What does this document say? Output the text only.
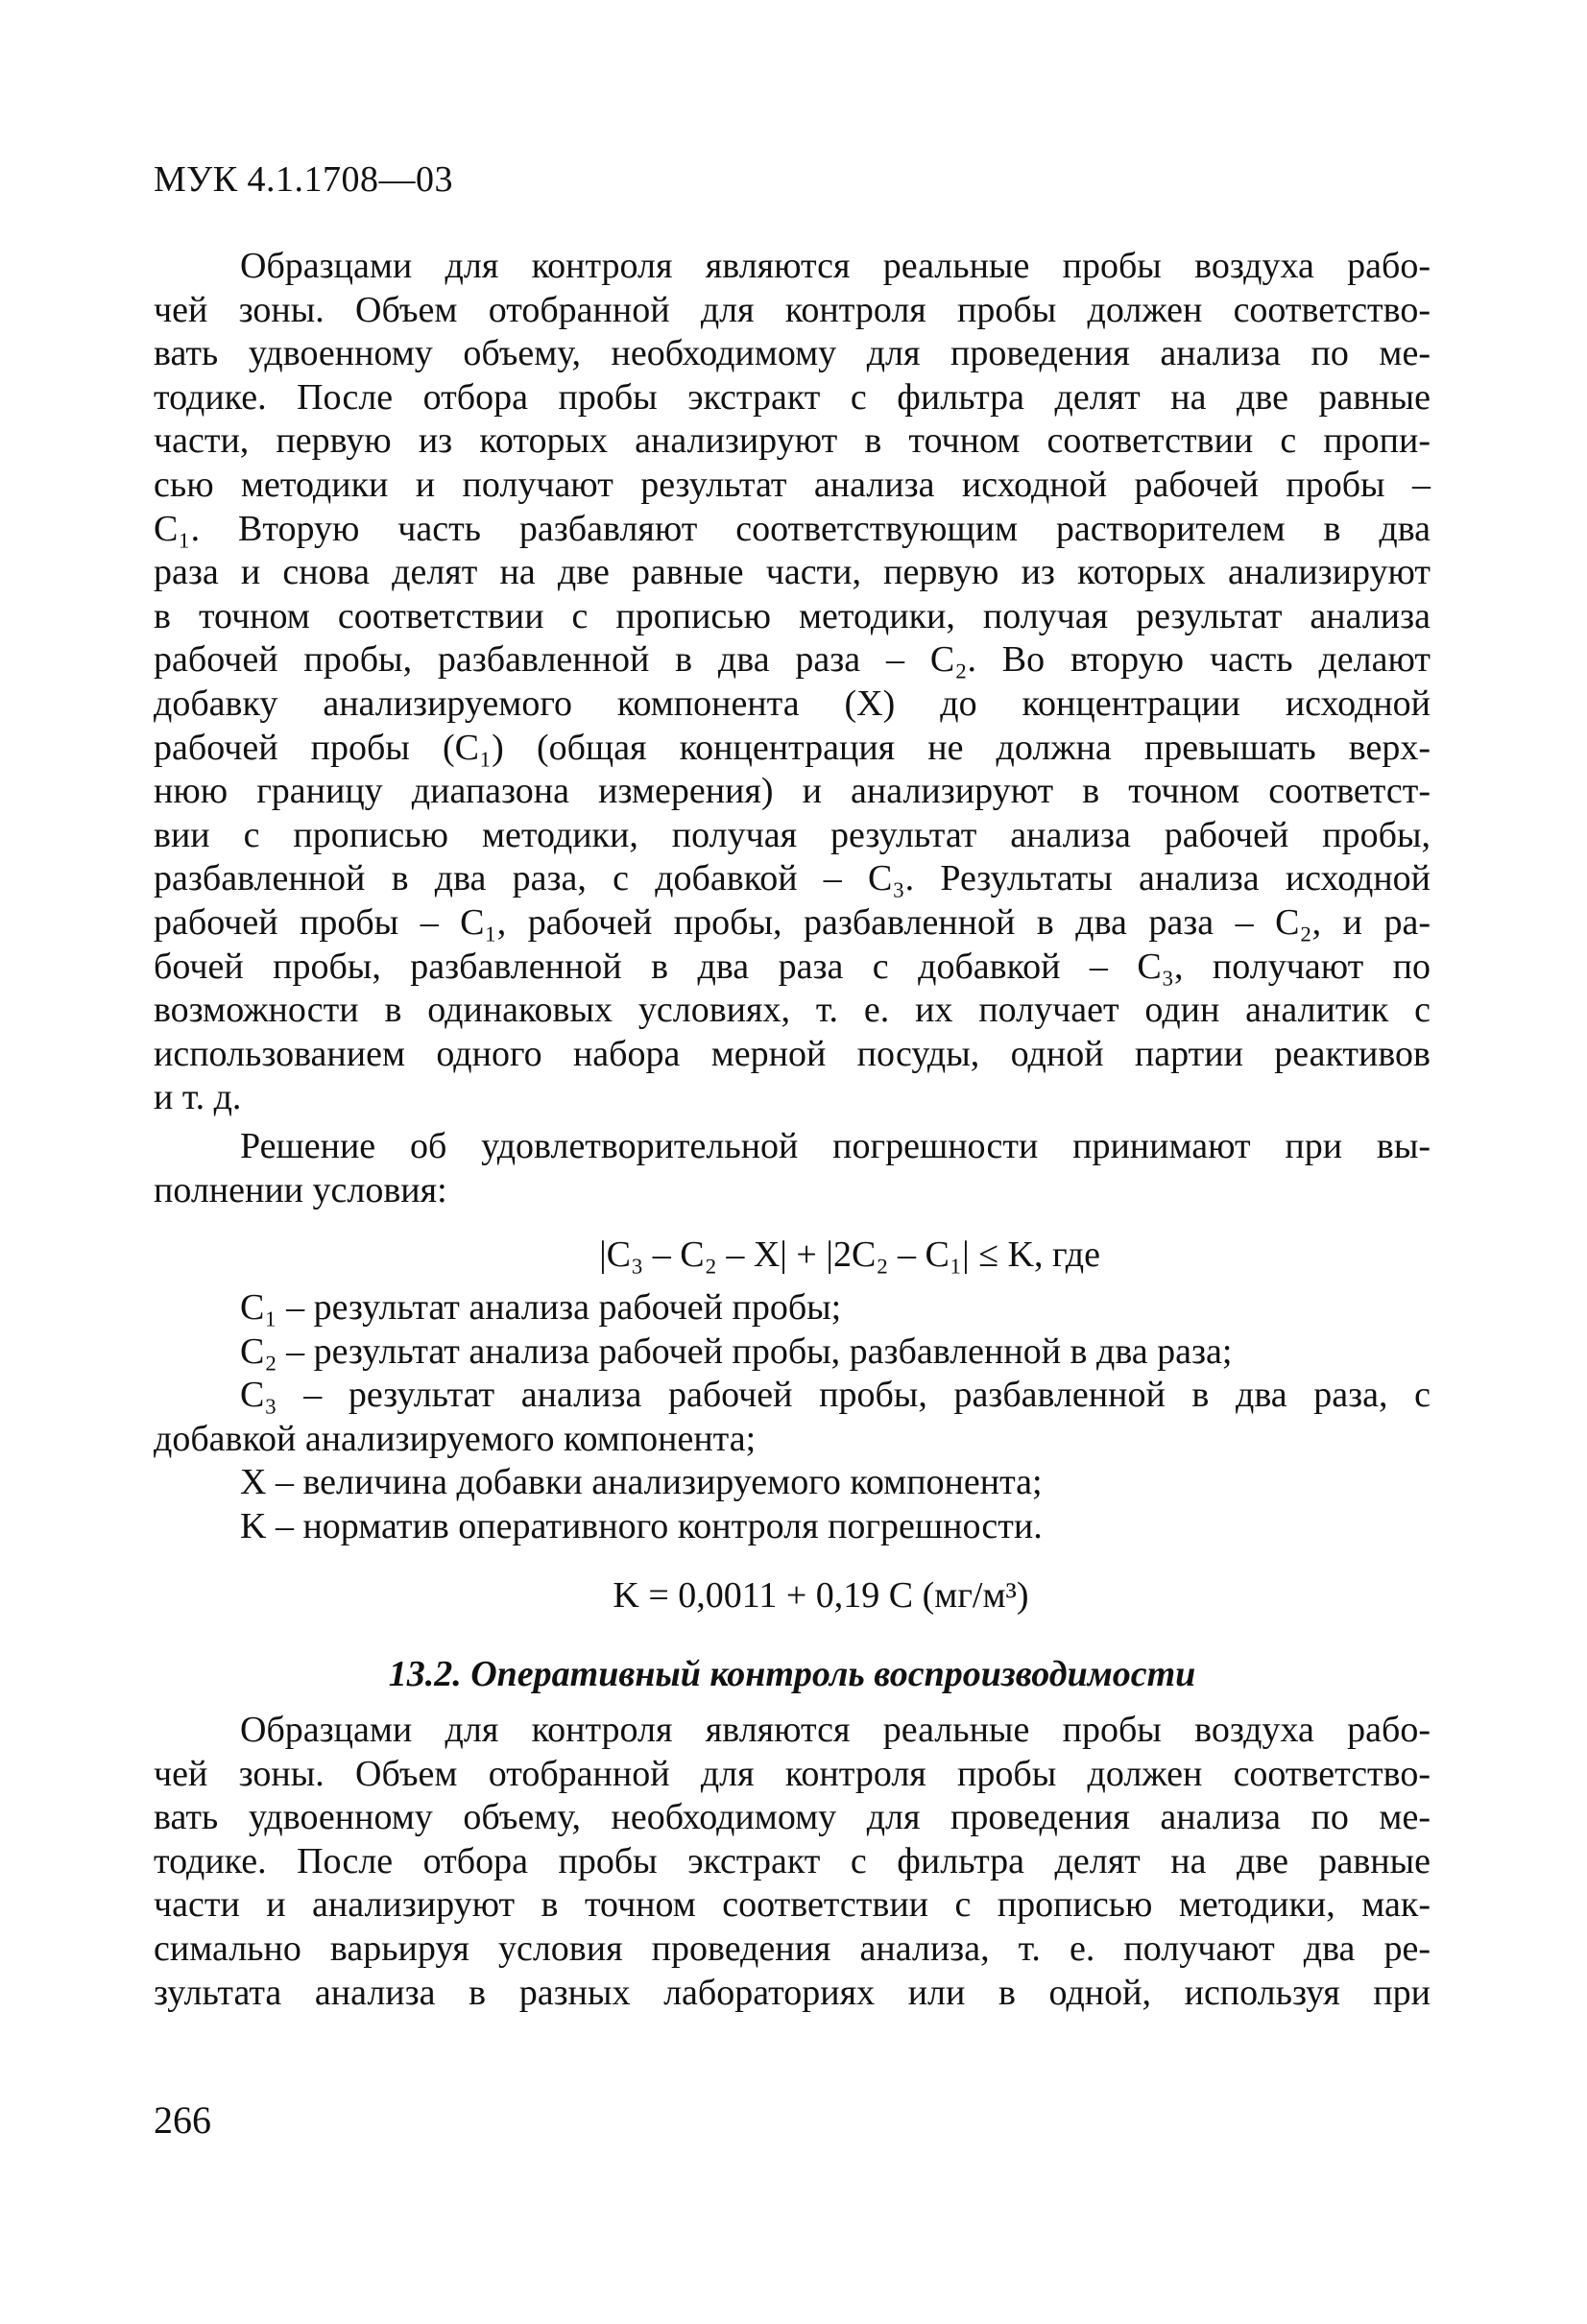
МУК 4.1.1708—03
Образцами для контроля являются реальные пробы воздуха рабо-
чей зоны. Объем отобранной для контроля пробы должен соответство-
вать удвоенному объему, необходимому для проведения анализа по ме-
тодике. После отбора пробы экстракт с фильтра делят на две равные
части, первую из которых анализируют в точном соответствии с пропи-
сью методики и получают результат анализа исходной рабочей пробы –
C₁. Вторую часть разбавляют соответствующим растворителем в два
раза и снова делят на две равные части, первую из которых анализируют
в точном соответствии с прописью методики, получая результат анализа
рабочей пробы, разбавленной в два раза – C₂. Во вторую часть делают
добавку анализируемого компонента (X) до концентрации исходной
рабочей пробы (C₁) (общая концентрация не должна превышать верх-
нюю границу диапазона измерения) и анализируют в точном соответст-
вии с прописью методики, получая результат анализа рабочей пробы,
разбавленной в два раза, с добавкой – C₃. Результаты анализа исходной
рабочей пробы – C₁, рабочей пробы, разбавленной в два раза – C₂, и ра-
бочей пробы, разбавленной в два раза с добавкой – C₃, получают по
возможности в одинаковых условиях, т. е. их получает один аналитик с
использованием одного набора мерной посуды, одной партии реактивов
и т. д.
Решение об удовлетворительной погрешности принимают при вы-
полнении условия:
|C₃ – C₂ – X| + |2C₂ – C₁| ≤ K, где
C₁ – результат анализа рабочей пробы;
C₂ – результат анализа рабочей пробы, разбавленной в два раза;
C₃ – результат анализа рабочей пробы, разбавленной в два раза, с
добавкой анализируемого компонента;
X – величина добавки анализируемого компонента;
K – норматив оперативного контроля погрешности.
K = 0,0011 + 0,19 C (мг/м³)
13.2. Оперативный контроль воспроизводимости
Образцами для контроля являются реальные пробы воздуха рабо-
чей зоны. Объем отобранной для контроля пробы должен соответство-
вать удвоенному объему, необходимому для проведения анализа по ме-
тодике. После отбора пробы экстракт с фильтра делят на две равные
части и анализируют в точном соответствии с прописью методики, мак-
симально варьируя условия проведения анализа, т. е. получают два ре-
зультата анализа в разных лабораториях или в одной, используя при
266
